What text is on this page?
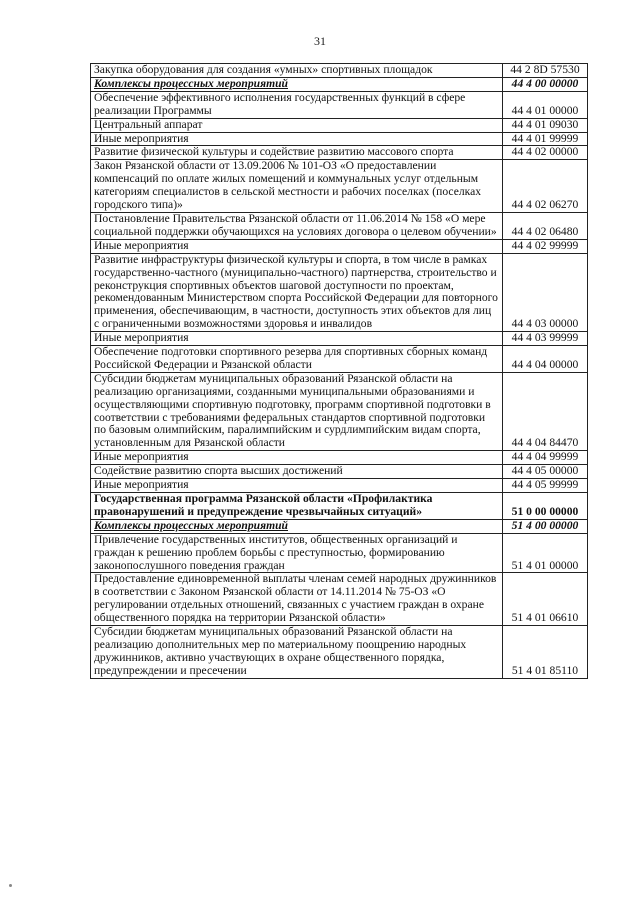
31
Закупка оборудования для создания «умных» спортивных площадок	44 2 8D 57530
Комплексы процессных мероприятий	44 4 00 00000
Обеспечение эффективного исполнения государственных функций в сфере реализации Программы	44 4 01 00000
Центральный аппарат	44 4 01 09030
Иные мероприятия	44 4 01 99999
Развитие физической культуры и содействие развитию массового спорта	44 4 02 00000
Закон Рязанской области от 13.09.2006 № 101-ОЗ «О предоставлении компенсаций по оплате жилых помещений и коммунальных услуг отдельным категориям специалистов в сельской местности и рабочих поселках (поселках городского типа)»	44 4 02 06270
Постановление Правительства Рязанской области от 11.06.2014 № 158 «О мере социальной поддержки обучающихся на условиях договора о целевом обучении»	44 4 02 06480
Иные мероприятия	44 4 02 99999
Развитие инфраструктуры физической культуры и спорта, в том числе в рамках государственно-частного (муниципально-частного) партнерства, строительство и реконструкция спортивных объектов шаговой доступности по проектам, рекомендованным Министерством спорта Российской Федерации для повторного применения, обеспечивающим, в частности, доступность этих объектов для лиц с ограниченными возможностями здоровья и инвалидов	44 4 03 00000
Иные мероприятия	44 4 03 99999
Обеспечение подготовки спортивного резерва для спортивных сборных команд Российской Федерации и Рязанской области	44 4 04 00000
Субсидии бюджетам муниципальных образований Рязанской области на реализацию организациями, созданными муниципальными образованиями и осуществляющими спортивную подготовку, программ спортивной подготовки в соответствии с требованиями федеральных стандартов спортивной подготовки по базовым олимпийским, паралимпийским и сурдлимпийским видам спорта, установленным для Рязанской области	44 4 04 84470
Иные мероприятия	44 4 04 99999
Содействие развитию спорта высших достижений	44 4 05 00000
Иные мероприятия	44 4 05 99999
Государственная программа Рязанской области «Профилактика правонарушений и предупреждение чрезвычайных ситуаций»	51 0 00 00000
Комплексы процессных мероприятий	51 4 00 00000
Привлечение государственных институтов, общественных организаций и граждан к решению проблем борьбы с преступностью, формированию законопослушного поведения граждан	51 4 01 00000
Предоставление единовременной выплаты членам семей народных дружинников в соответствии с Законом Рязанской области от 14.11.2014 № 75-ОЗ «О регулировании отдельных отношений, связанных с участием граждан в охране общественного порядка на территории Рязанской области»	51 4 01 06610
Субсидии бюджетам муниципальных образований Рязанской области на реализацию дополнительных мер по материальному поощрению народных дружинников, активно участвующих в охране общественного порядка, предупреждении и пресечении	51 4 01 85110
